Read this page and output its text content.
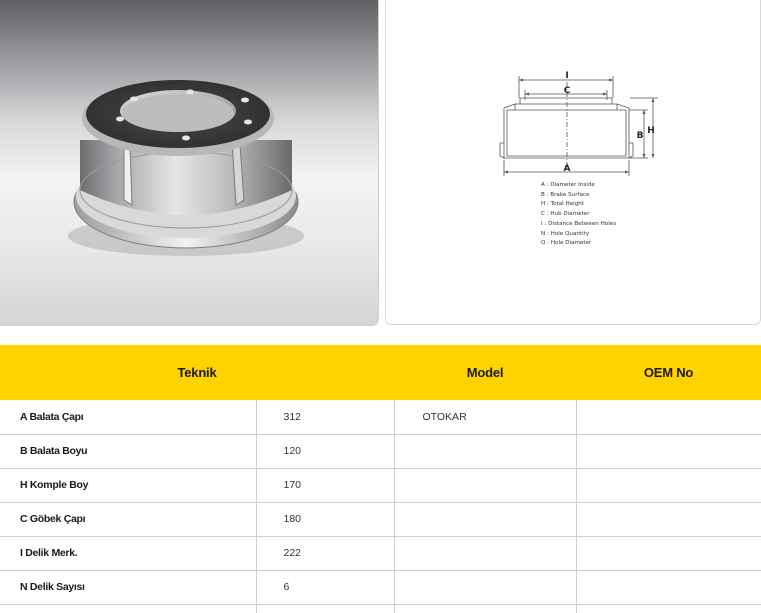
I
C
B H
A
A : Diameter Inside
B : Brake Surface
H : Total Height
C : Hub Diameter
I : Distance Between Holes
N : Hole Quantity
Q : Hole Diameter
Teknik		Model	OEM No
A Balata Çapı	312	OTOKAR	
B Balata Boyu	120		
H Komple Boy	170		
C Göbek Çapı	180		
I Delik Merk.	222		
N Delik Sayısı	6		
